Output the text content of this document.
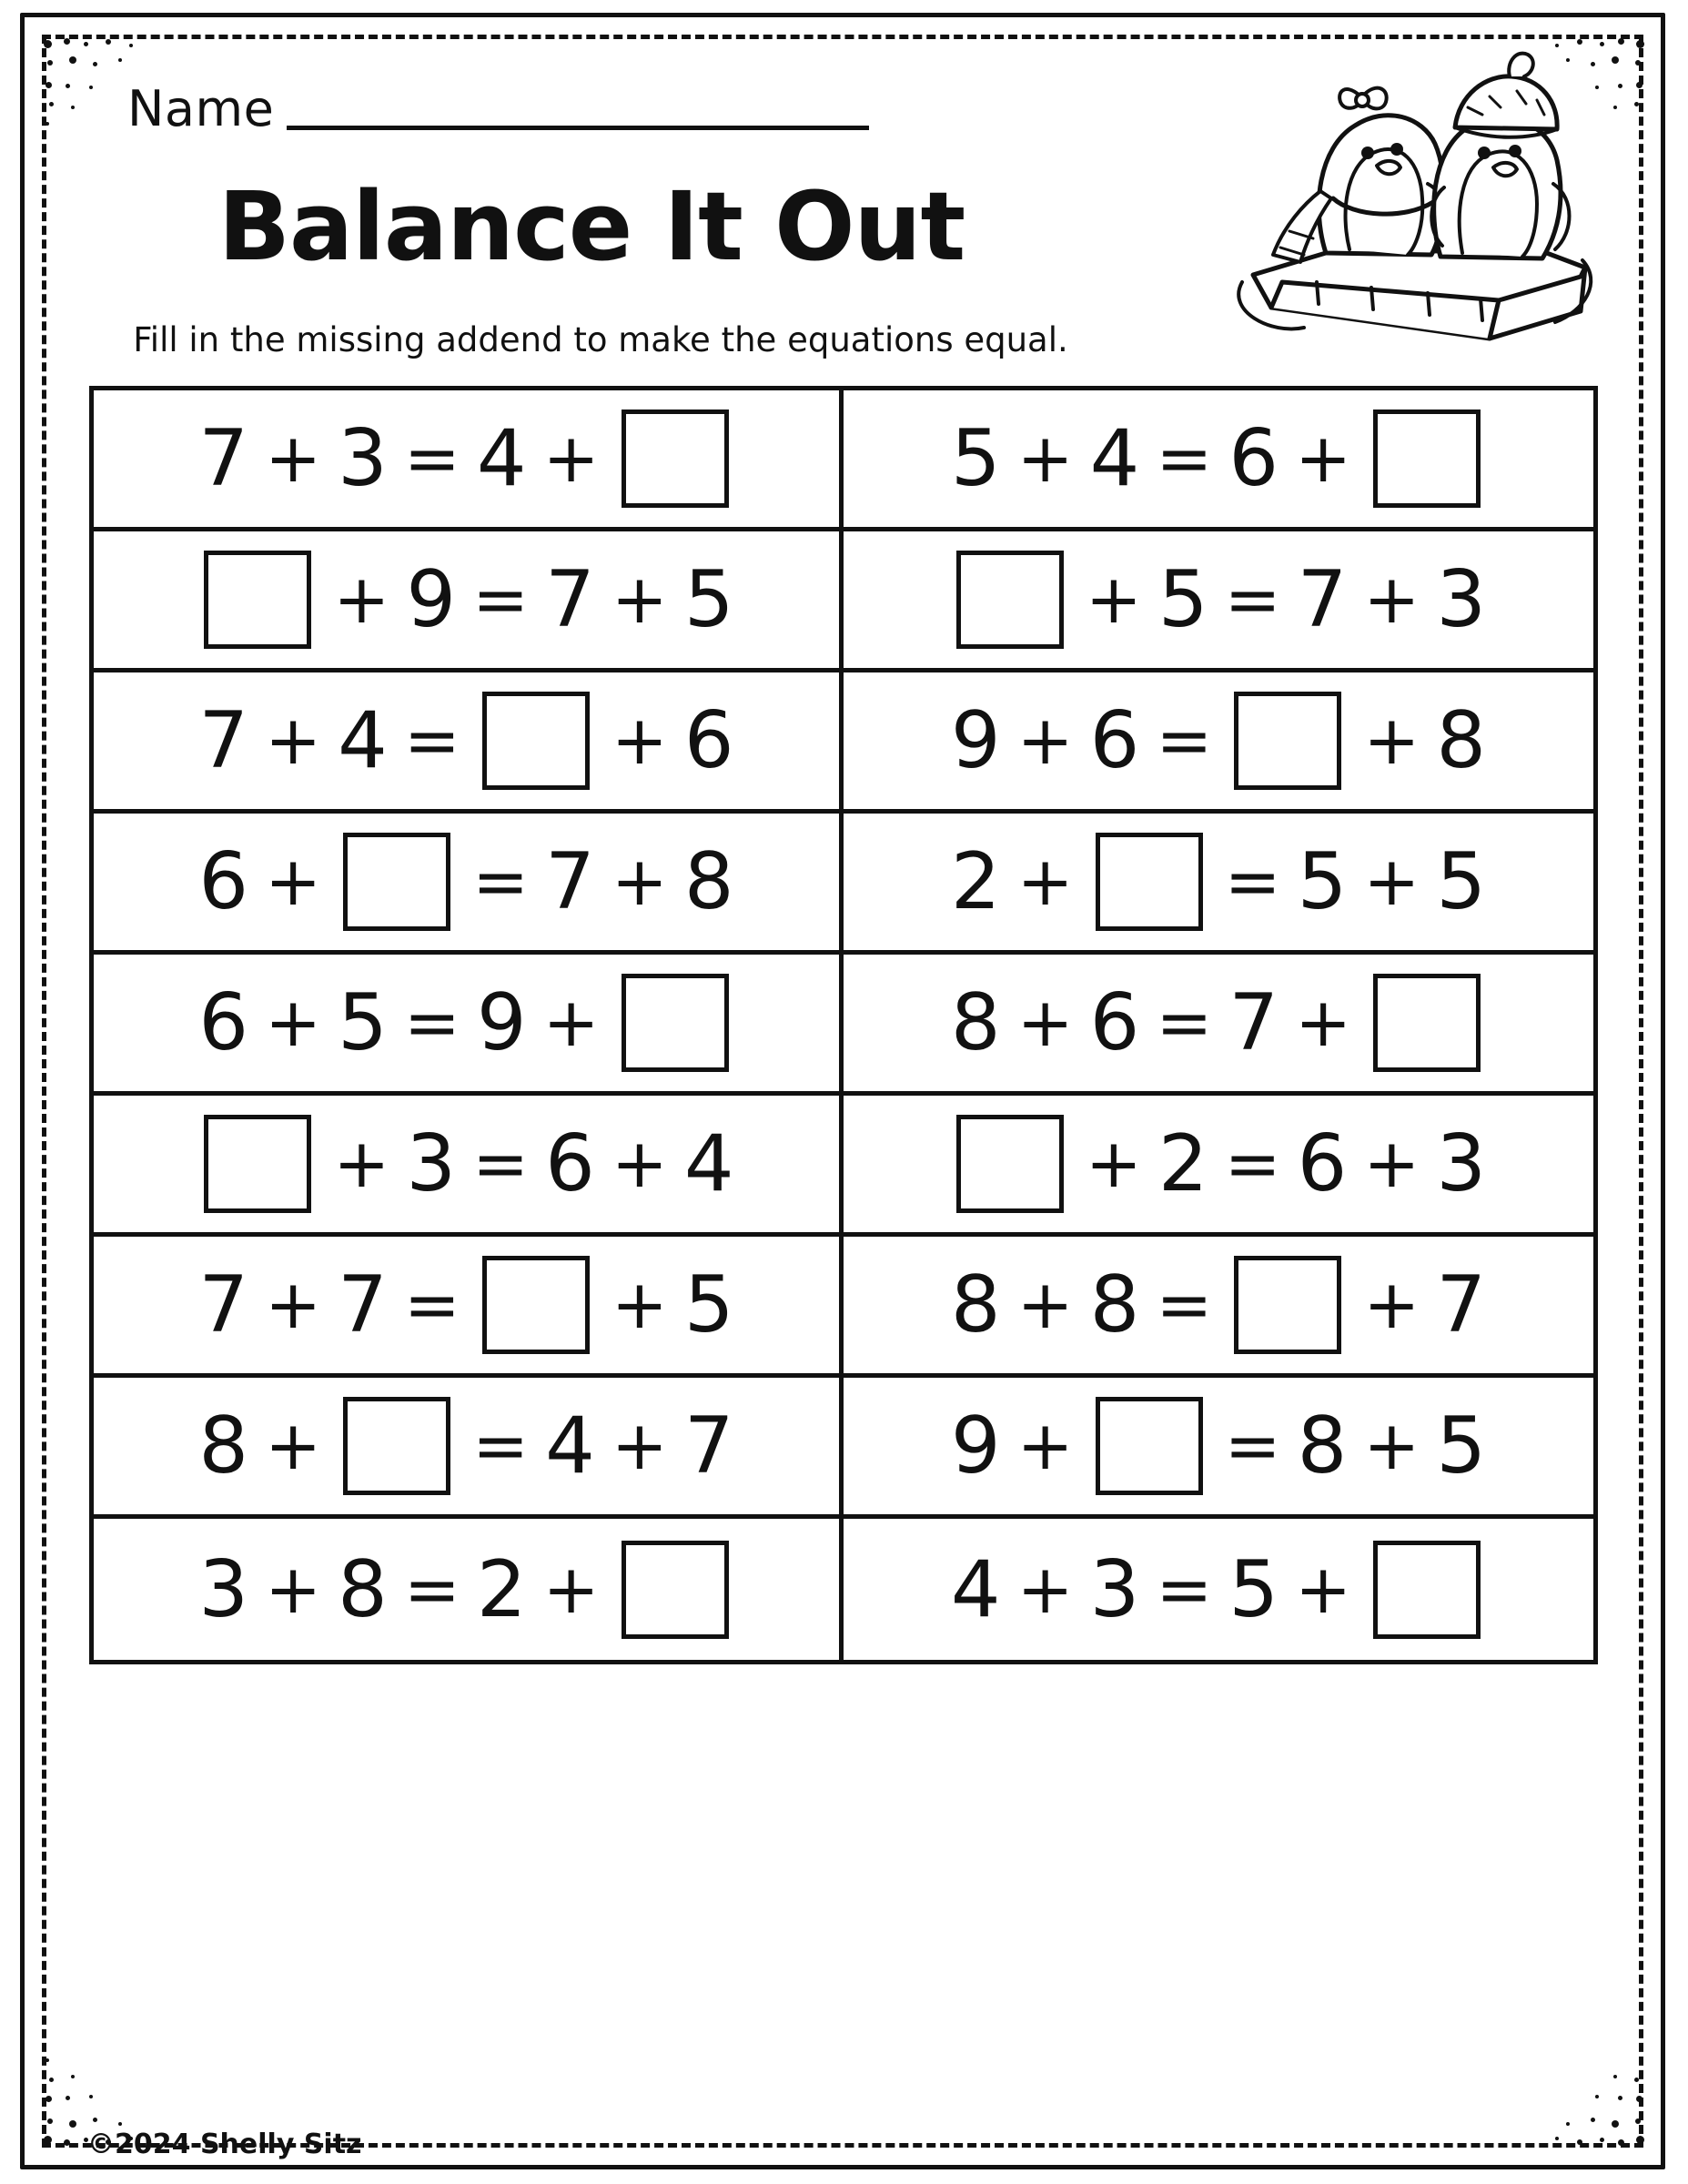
Name
Balance It Out
Fill in the missing addend to make the equations equal.
7 + 3 = 4 +	5 + 4 = 6 +
+ 9 = 7 + 5	+ 5 = 7 + 3
7 + 4 = + 6	9 + 6 = + 8
6 + = 7 + 8	2 + = 5 + 5
6 + 5 = 9 +	8 + 6 = 7 +
+ 3 = 6 + 4	+ 2 = 6 + 3
7 + 7 = + 5	8 + 8 = + 7
8 + = 4 + 7	9 + = 8 + 5
3 + 8 = 2 +	4 + 3 = 5 +
©2024 Shelly Sitz
